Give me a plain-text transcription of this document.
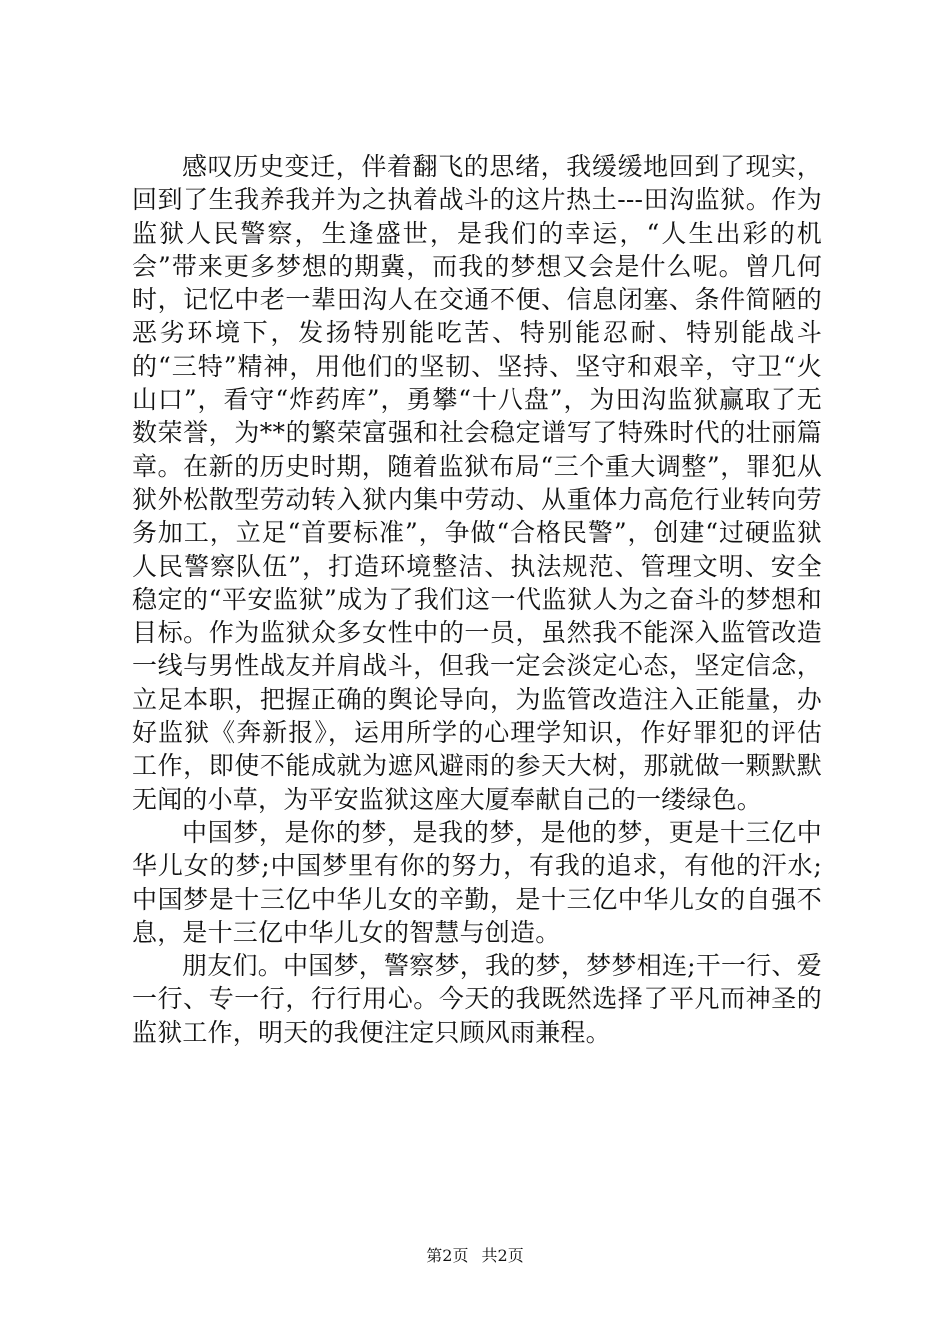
感叹历史变迁，伴着翻飞的思绪，我缓缓地回到了现实，回到了生我养我并为之执着战斗的这片热土---田沟监狱。作为监狱人民警察，生逢盛世，是我们的幸运，“人生出彩的机会”带来更多梦想的期冀，而我的梦想又会是什么呢。曾几何时，记忆中老一辈田沟人在交通不便、信息闭塞、条件简陋的恶劣环境下，发扬特别能吃苦、特别能忍耐、特别能战斗的“三特”精神，用他们的坚韧、坚持、坚守和艰辛，守卫“火山口”，看守“炸药库”，勇攀“十八盘”，为田沟监狱赢取了无数荣誉，为**的繁荣富强和社会稳定谱写了特殊时代的壮丽篇章。在新的历史时期，随着监狱布局“三个重大调整”，罪犯从狱外松散型劳动转入狱内集中劳动、从重体力高危行业转向劳务加工，立足“首要标准”，争做“合格民警”，创建“过硬监狱人民警察队伍”，打造环境整洁、执法规范、管理文明、安全稳定的“平安监狱”成为了我们这一代监狱人为之奋斗的梦想和目标。作为监狱众多女性中的一员，虽然我不能深入监管改造一线与男性战友并肩战斗，但我一定会淡定心态，坚定信念，立足本职，把握正确的舆论导向，为监管改造注入正能量，办好监狱《奔新报》，运用所学的心理学知识，作好罪犯的评估工作，即使不能成就为遮风避雨的参天大树，那就做一颗默默无闻的小草，为平安监狱这座大厦奉献自己的一缕绿色。

中国梦，是你的梦，是我的梦，是他的梦，更是十三亿中华儿女的梦;中国梦里有你的努力，有我的追求，有他的汗水;中国梦是十三亿中华儿女的辛勤，是十三亿中华儿女的自强不息，是十三亿中华儿女的智慧与创造。

朋友们。中国梦，警察梦，我的梦，梦梦相连;干一行、爱一行、专一行，行行用心。今天的我既然选择了平凡而神圣的监狱工作，明天的我便注定只顾风雨兼程。

第2页 共2页
